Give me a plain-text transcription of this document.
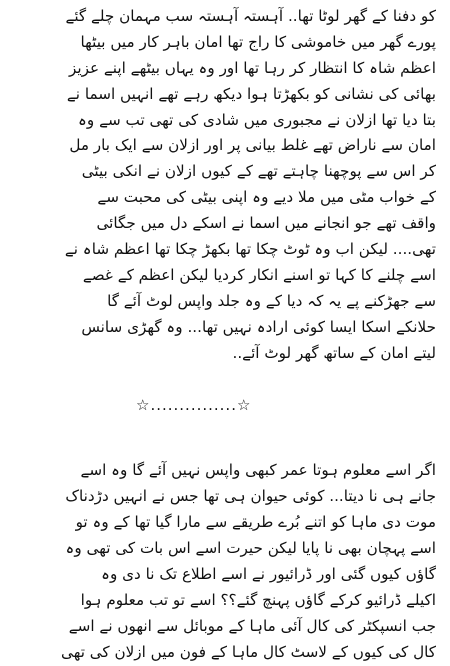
کو دفنا کے گھر لوٹا تھا.. آہستہ آہستہ سب مہمان چلے گئے
پورے گھر میں خاموشی کا راج تھا امان باہر کار میں بیٹھا
اعظم شاہ کا انتظار کر رہا تھا اور وہ یہاں بیٹھے اپنے عزیز
بھائی کی نشانی کو بکھڑتا ہوا دیکھ رہے تھے انہیں اسما نے
بتا دیا تھا ازلان نے مجبوری میں شادی کی تھی تب سے وہ
امان سے ناراض تھے غلط بیانی پر اور ازلان سے ایک بار مل
کر اس سے پوچھنا چاہتے تھے کے کیوں ازلان نے انکی بیٹی
کے خواب مٹی میں ملا دیے وہ اپنی بیٹی کی محبت سے
واقف تھے جو انجانے میں اسما نے اسکے دل میں جگائی
تھی.... لیکن اب وہ ٹوٹ چکا تھا بکھڑ چکا تھا اعظم شاہ نے
اسے چلنے کا کہا تو اسنے انکار کردیا لیکن اعظم کے غصے
سے جھڑکنے پے یہ کہ دیا کے وہ جلد واپس لوٹ آئے گا
حلانکے اسکا ایسا کوئی ارادہ نہیں تھا... وہ گھڑی سانس
لیتے امان کے ساتھ گھر لوٹ آئے..
☆...............☆
اگر اسے معلوم ہوتا عمر کبھی واپس نہیں آئے گا وہ اسے
جانے ہی نا دیتا... کوئی حیوان ہی تھا جس نے انہیں دڑدناک
موت دی ماہا کو اتنے بُرے طریقے سے مارا گیا تھا کے وہ تو
اسے پہچان بھی نا پایا لیکن حیرت اسے اس بات کی تھی وہ
گاؤں کیوں گئی اور ڈرائیور نے اسے اطلاع تک نا دی وہ
اکیلے ڈرائیو کرکے گاؤں پہنچ گئے؟؟ اسے تو تب معلوم ہوا
جب انسپکٹر کی کال آئی ماہا کے موبائل سے انھوں نے اسے
کال کی کیوں کے لاسٹ کال ماہا کے فون میں ازلان کی تھی
